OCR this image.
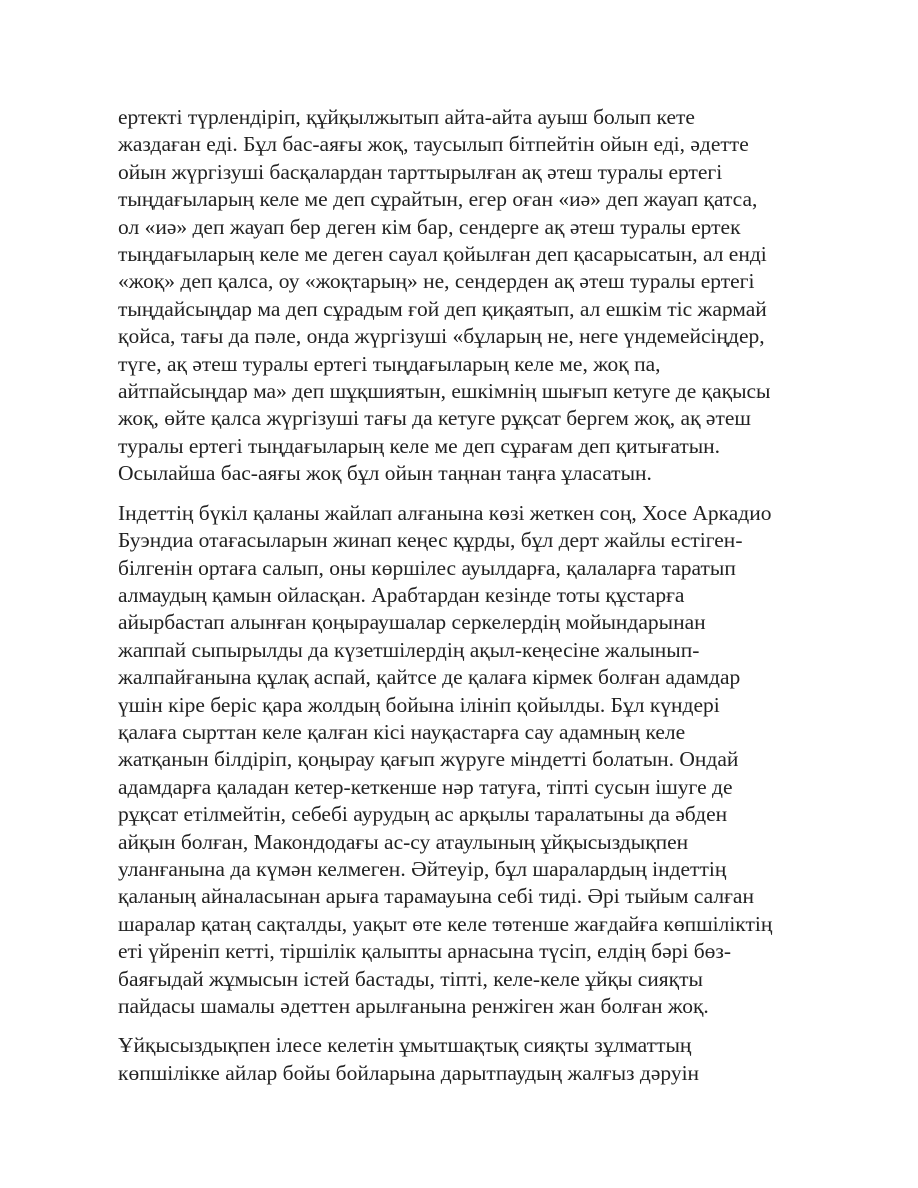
ертекті түрлендіріп, құйқылжытып айта-айта ауыш болып кете
жаздаған еді. Бұл бас-аяғы жоқ, таусылып бітпейтін ойын еді, әдетте
ойын жүргізуші басқалардан тарттырылған ақ әтеш туралы ертегі
тыңдағыларың келе ме деп сұрайтын, егер оған «иә» деп жауап қатса,
ол «иә» деп жауап бер деген кім бар, сендерге ақ әтеш туралы ертек
тыңдағыларың келе ме деген сауал қойылған деп қасарысатын, ал енді
«жоқ» деп қалса, оу «жоқтарың» не, сендерден ақ әтеш туралы ертегі
тыңдайсыңдар ма деп сұрадым ғой деп қиқаятып, ал ешкім тіс жармай
қойса, тағы да пәле, онда жүргізуші «бұларың не, неге үндемейсіңдер,
түге, ақ әтеш туралы ертегі тыңдағыларың келе ме, жоқ па,
айтпайсыңдар ма» деп шұқшиятын, ешкімнің шығып кетуге де қақысы
жоқ, өйте қалса жүргізуші тағы да кетуге рұқсат бергем жоқ, ақ әтеш
туралы ертегі тыңдағыларың келе ме деп сұрағам деп қитығатын.
Осылайша бас-аяғы жоқ бұл ойын таңнан таңға ұласатын.

Індеттің бүкіл қаланы жайлап алғанына көзі жеткен соң, Хосе Аркадио
Буэндиа отағасыларын жинап кеңес құрды, бұл дерт жайлы естіген-
білгенін ортаға салып, оны көршілес ауылдарға, қалаларға таратып
алмаудың қамын ойласқан. Арабтардан кезінде тоты құстарға
айырбастап алынған қоңыраушалар серкелердің мойындарынан
жаппай сыпырылды да күзетшілердің ақыл-кеңесіне жалынып-
жалпайғанына құлақ аспай, қайтсе де қалаға кірмек болған адамдар
үшін кіре беріс қара жолдың бойына ілініп қойылды. Бұл күндері
қалаға сырттан келе қалған кісі науқастарға сау адамның келе
жатқанын білдіріп, қоңырау қағып жүруге міндетті болатын. Ондай
адамдарға қаладан кетер-кеткенше нәр татуға, тіпті сусын ішуге де
рұқсат етілмейтін, себебі аурудың ас арқылы таралатыны да әбден
айқын болған, Макондодағы ас-су атаулының ұйқысыздықпен
уланғанына да күмән келмеген. Әйтеуір, бұл шаралардың індеттің
қаланың айналасынан арыға тарамауына себі тиді. Әрі тыйым салған
шаралар қатаң сақталды, уақыт өте келе төтенше жағдайға көпшіліктің
еті үйреніп кетті, тіршілік қалыпты арнасына түсіп, елдің бәрі бөз-
баяғыдай жұмысын істей бастады, тіпті, келе-келе ұйқы сияқты
пайдасы шамалы әдеттен арылғанына ренжіген жан болған жоқ.

Ұйқысыздықпен ілесе келетін ұмытшақтық сияқты зұлматтың
көпшілікке айлар бойы бойларына дарытпаудың жалғыз дәруін
